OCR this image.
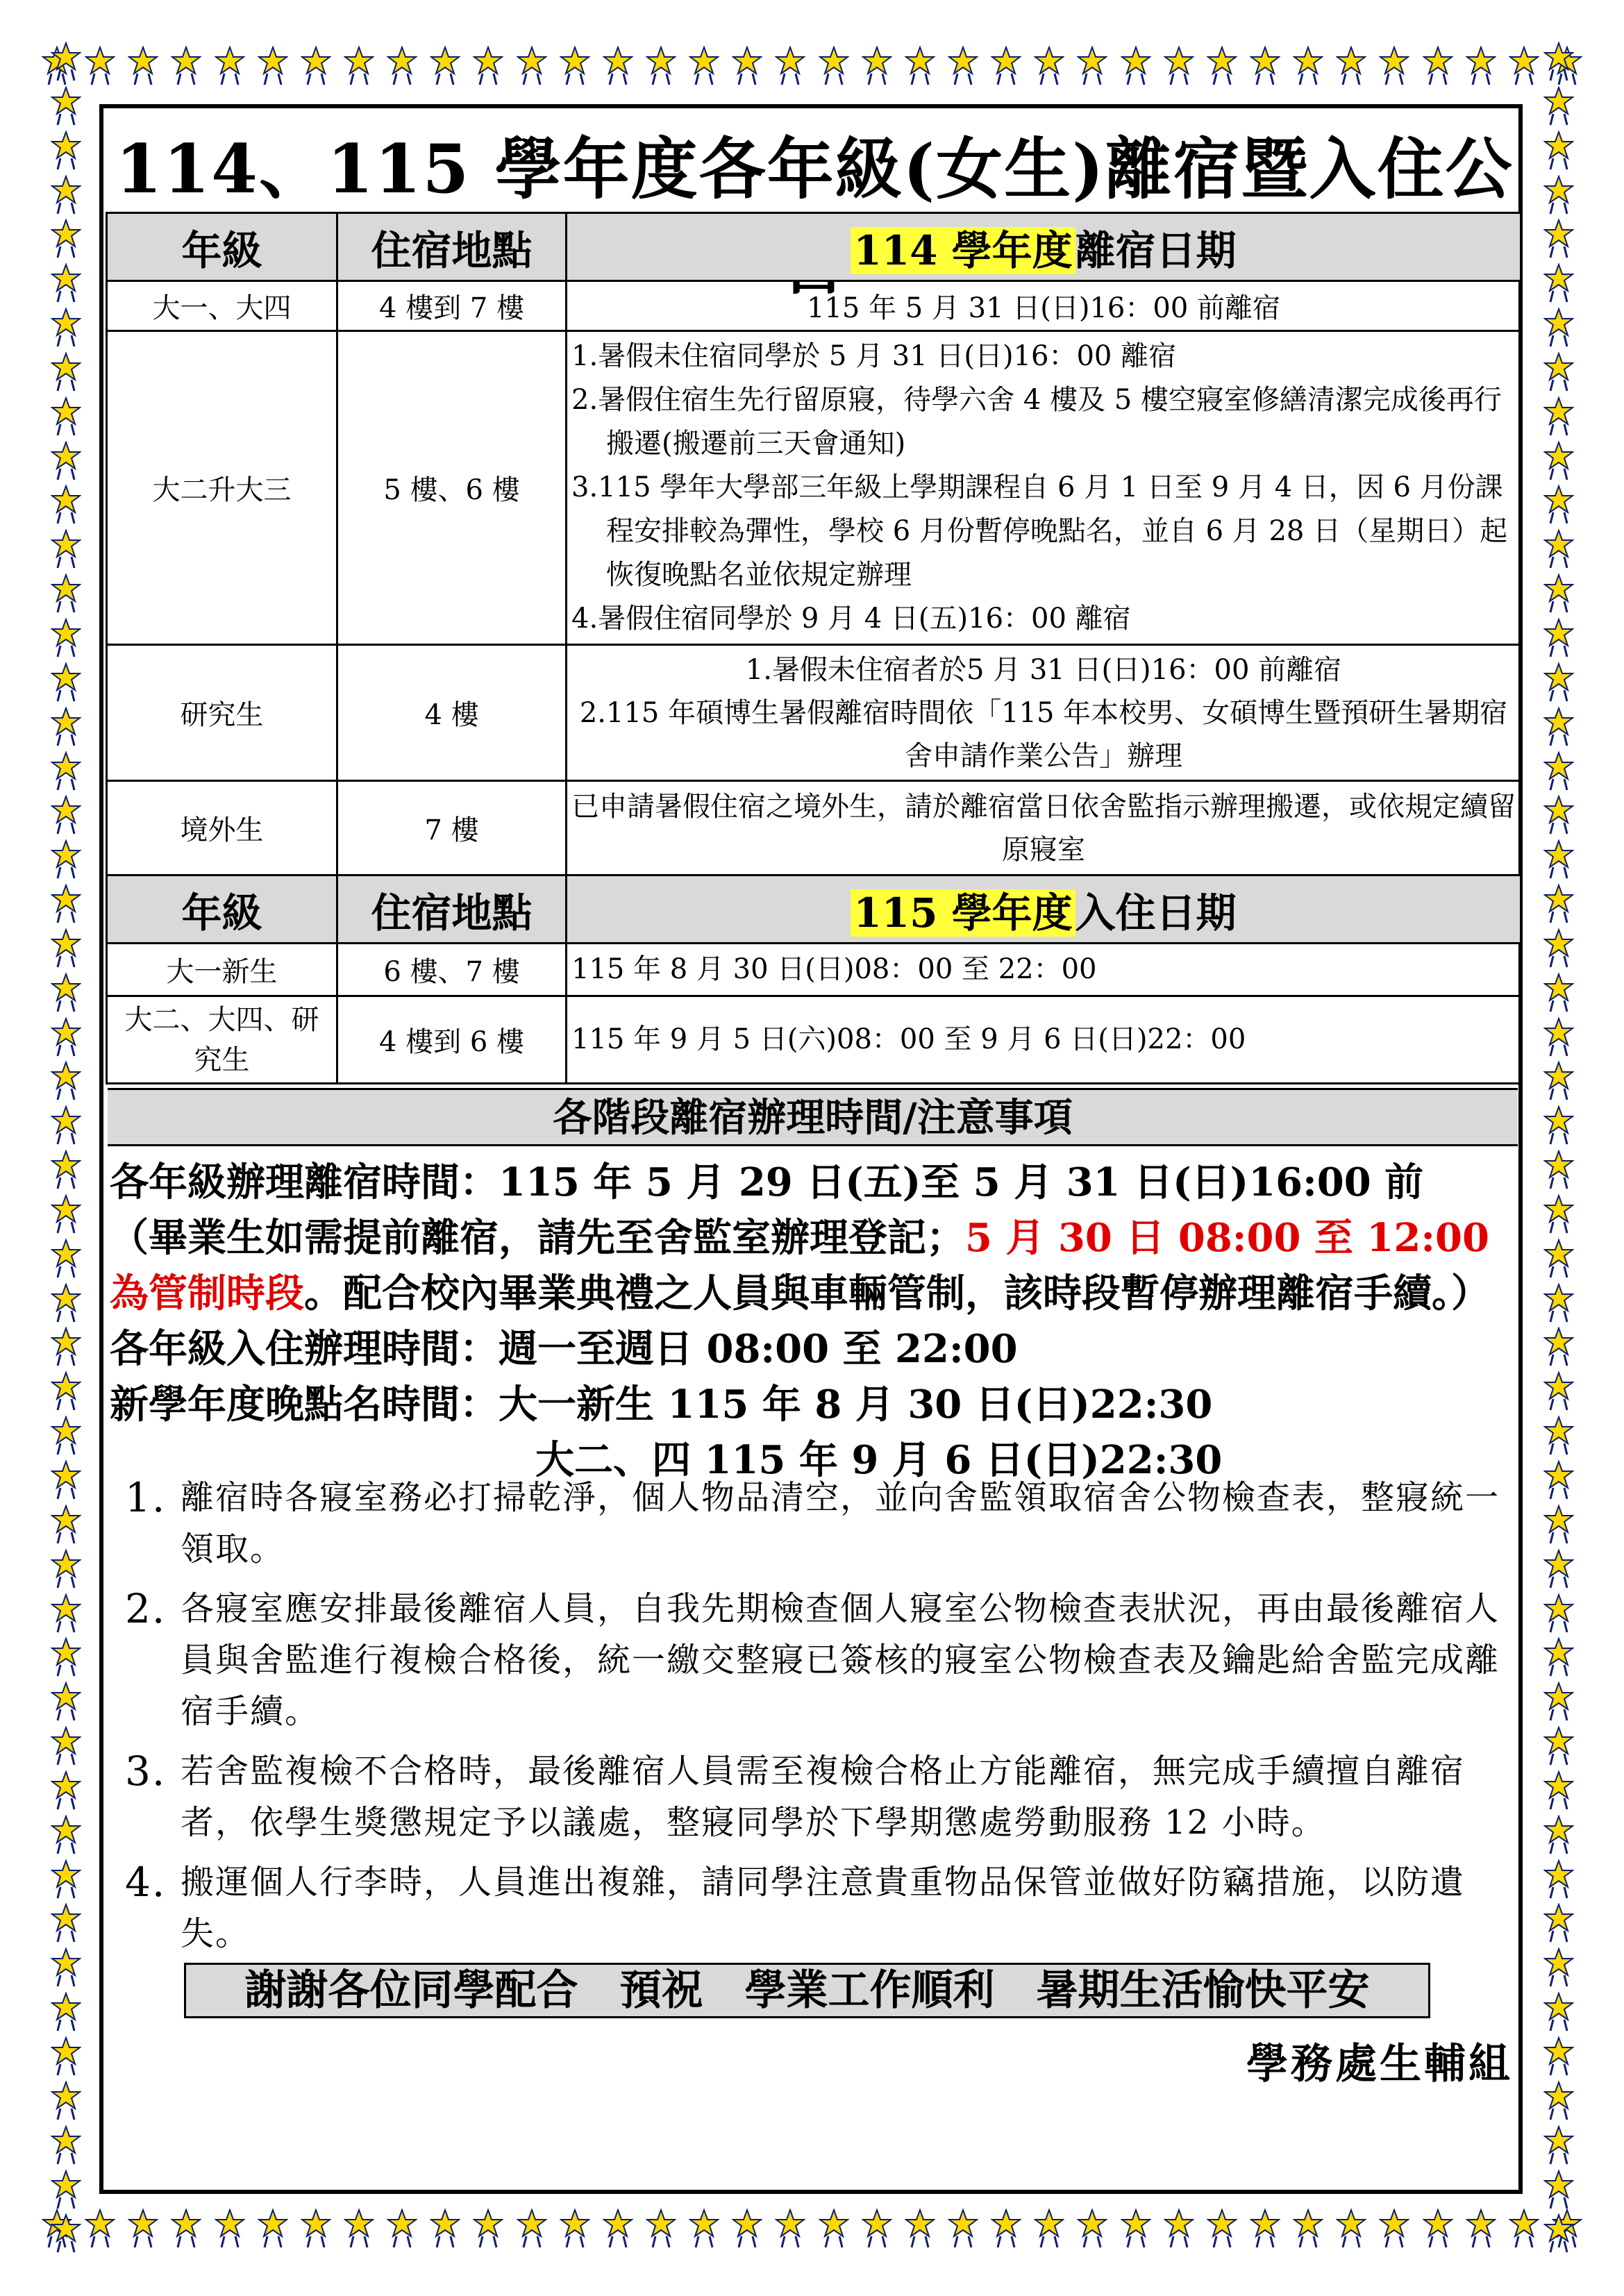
114、115 學年度各年級(女生)離宿暨入住公
年級	住宿地點	114 學年度離宿日期
大一、大四	4 樓到 7 樓	115 年 5 月 31 日(日)16：00 前離宿
大二升大三	5 樓、6 樓	1.暑假未住宿同學於 5 月 31 日(日)16：00 離宿
2.暑假住宿生先行留原寢，待學六舍 4 樓及 5 樓空寢室修繕清潔完成後再行搬遷(搬遷前三天會通知)
3.115 學年大學部三年級上學期課程自 6 月 1 日至 9 月 4 日，因 6 月份課程安排較為彈性，學校 6 月份暫停晚點名，並自 6 月 28 日（星期日）起恢復晚點名並依規定辦理
4.暑假住宿同學於 9 月 4 日(五)16：00 離宿

研究生	4 樓	1.暑假未住宿者於5 月 31 日(日)16：00 前離宿
2.115 年碩博生暑假離宿時間依「115 年本校男、女碩博生暨預研生暑期宿舍申請作業公告」辦理

境外生	7 樓	已申請暑假住宿之境外生，請於離宿當日依舍監指示辦理搬遷，或依規定續留原寢室

年級	住宿地點	115 學年度入住日期
大一新生	6 樓、7 樓	115 年 8 月 30 日(日)08：00 至 22：00
大二、大四、研究生	4 樓到 6 樓	115 年 9 月 5 日(六)08：00 至 9 月 6 日(日)22：00
各階段離宿辦理時間/注意事項
各年級辦理離宿時間：115 年 5 月 29 日(五)至 5 月 31 日(日)16:00 前
（畢業生如需提前離宿，請先至舍監室辦理登記；5 月 30 日 08:00 至 12:00 為管制時段。配合校內畢業典禮之人員與車輛管制，該時段暫停辦理離宿手續。）
各年級入住辦理時間：週一至週日 08:00 至 22:00
新學年度晚點名時間：大一新生 115 年 8 月 30 日(日)22:30
大二、四 115 年 9 月 6 日(日)22:30
1. 離宿時各寢室務必打掃乾淨，個人物品清空，並向舍監領取宿舍公物檢查表，整寢統一領取。
2. 各寢室應安排最後離宿人員，自我先期檢查個人寢室公物檢查表狀況，再由最後離宿人員與舍監進行複檢合格後，統一繳交整寢已簽核的寢室公物檢查表及鑰匙給舍監完成離宿手續。
3. 若舍監複檢不合格時，最後離宿人員需至複檢合格止方能離宿，無完成手續擅自離宿者，依學生獎懲規定予以議處，整寢同學於下學期懲處勞動服務 12 小時。
4. 搬運個人行李時，人員進出複雜，請同學注意貴重物品保管並做好防竊措施，以防遺失。
謝謝各位同學配合　預祝　學業工作順利　暑期生活愉快平安
學務處生輔組
